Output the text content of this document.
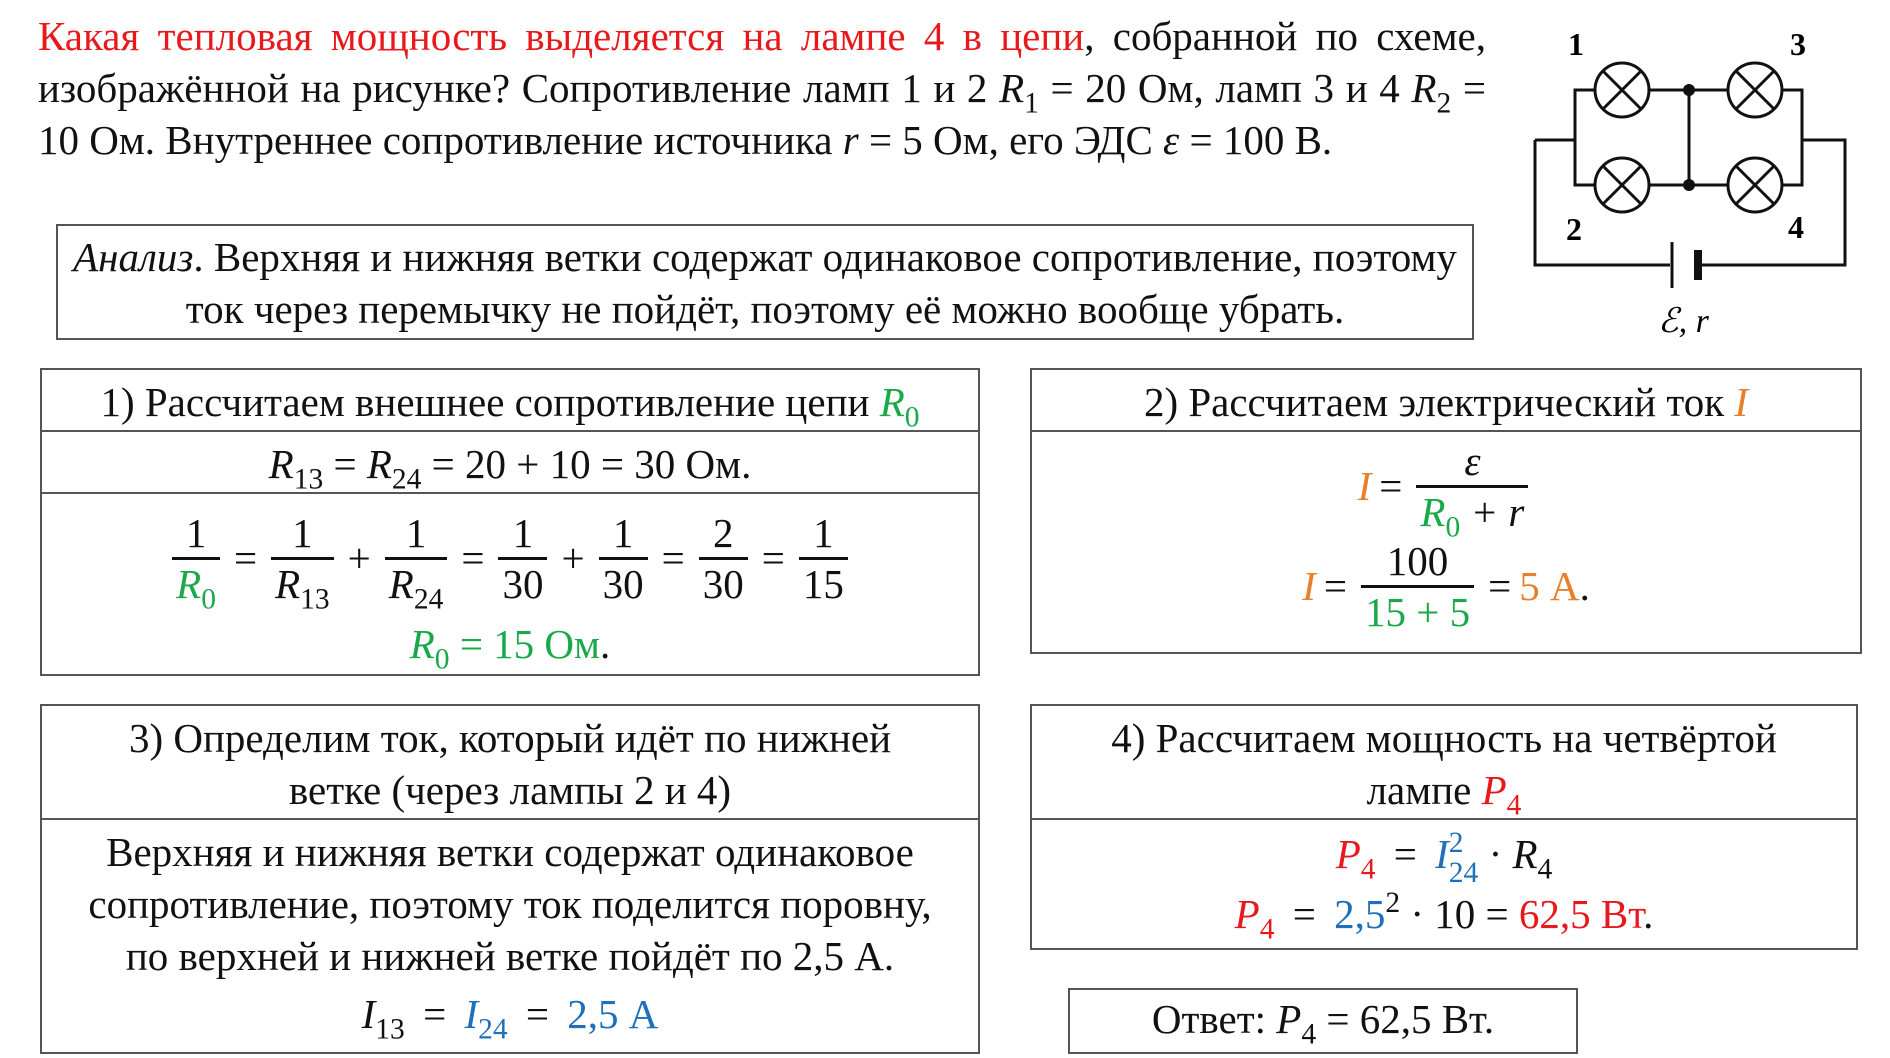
Какая тепловая мощность выделяется на лампе 4 в цепи, собранной по схеме, изображённой на рисунке? Сопротивление ламп 1 и 2 $R_1 = 20$ Ом, ламп 3 и 4 $R_2 = 10$ Ом. Внутреннее сопротивление источника r = 5 Ом, его ЭДС ε = 100 В.
1	3
2	4
ℰ, r
Анализ. Верхняя и нижняя ветки содержат одинаковое сопротивление, поэтому ток через перемычку не пойдёт, поэтому её можно вообще убрать.
1) Рассчитаем внешнее сопротивление цепи $R_0$
$R_{13} = R_{24} = 20 + 10 = 30$ Ом.
$\frac{1}{R_0} = \frac{1}{R_{13}} + \frac{1}{R_{24}} = \frac{1}{30} + \frac{1}{30} = \frac{2}{30} = \frac{1}{15}$
$R_0 = 15$ Ом.
2) Рассчитаем электрический ток I
$I = \frac{\varepsilon}{R_0 + r}$
$I = \frac{100}{15 + 5} = 5$ А .
3) Определим ток, который идёт по нижней
ветке (через лампы 2 и 4)
Верхняя и нижняя ветки содержат одинаковое
сопротивление, поэтому ток поделится поровну,
по верхней и нижней ветке пойдёт по 2,5 А.
$I_{13} = I_{24} = 2,5$ А
4) Рассчитаем мощность на четвёртой
лампе $P_4$
$P_4 = I$ 2
$24 \cdot R_4$
$P_4 = 2,5^2 \cdot 10 = 62,5$ Вт.
Ответ: $P_4 = 62,5$ Вт.
